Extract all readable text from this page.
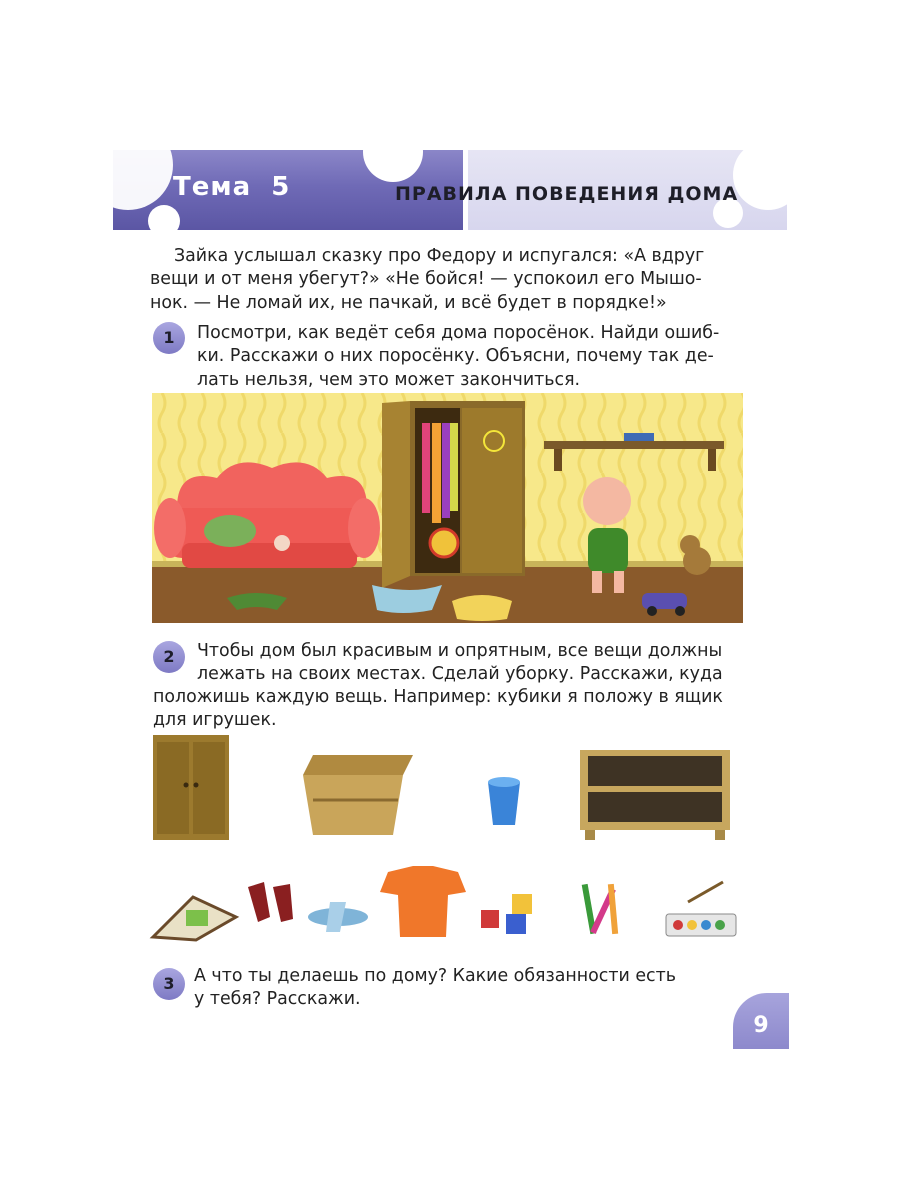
Тема  5	ПРАВИЛА ПОВЕДЕНИЯ ДОМА
Зайка услышал сказку про Федору и испугался: «А вдруг
вещи и от меня убегут?» «Не бойся! — успокоил его Мышо-
нок. — Не ломай их, не пачкай, и всё будет в порядке!»
1	Посмотри, как ведёт себя дома поросёнок. Найди ошиб-
ки. Расскажи о них поросёнку. Объясни, почему так де-
лать нельзя, чем это может закончиться.
2	Чтобы дом был красивым и опрятным, все вещи должны
лежать на своих местах. Сделай уборку. Расскажи, куда
положишь каждую вещь. Например: кубики я положу в ящик
для игрушек.
3	А что ты делаешь по дому? Какие обязанности есть
у тебя? Расскажи.
9
